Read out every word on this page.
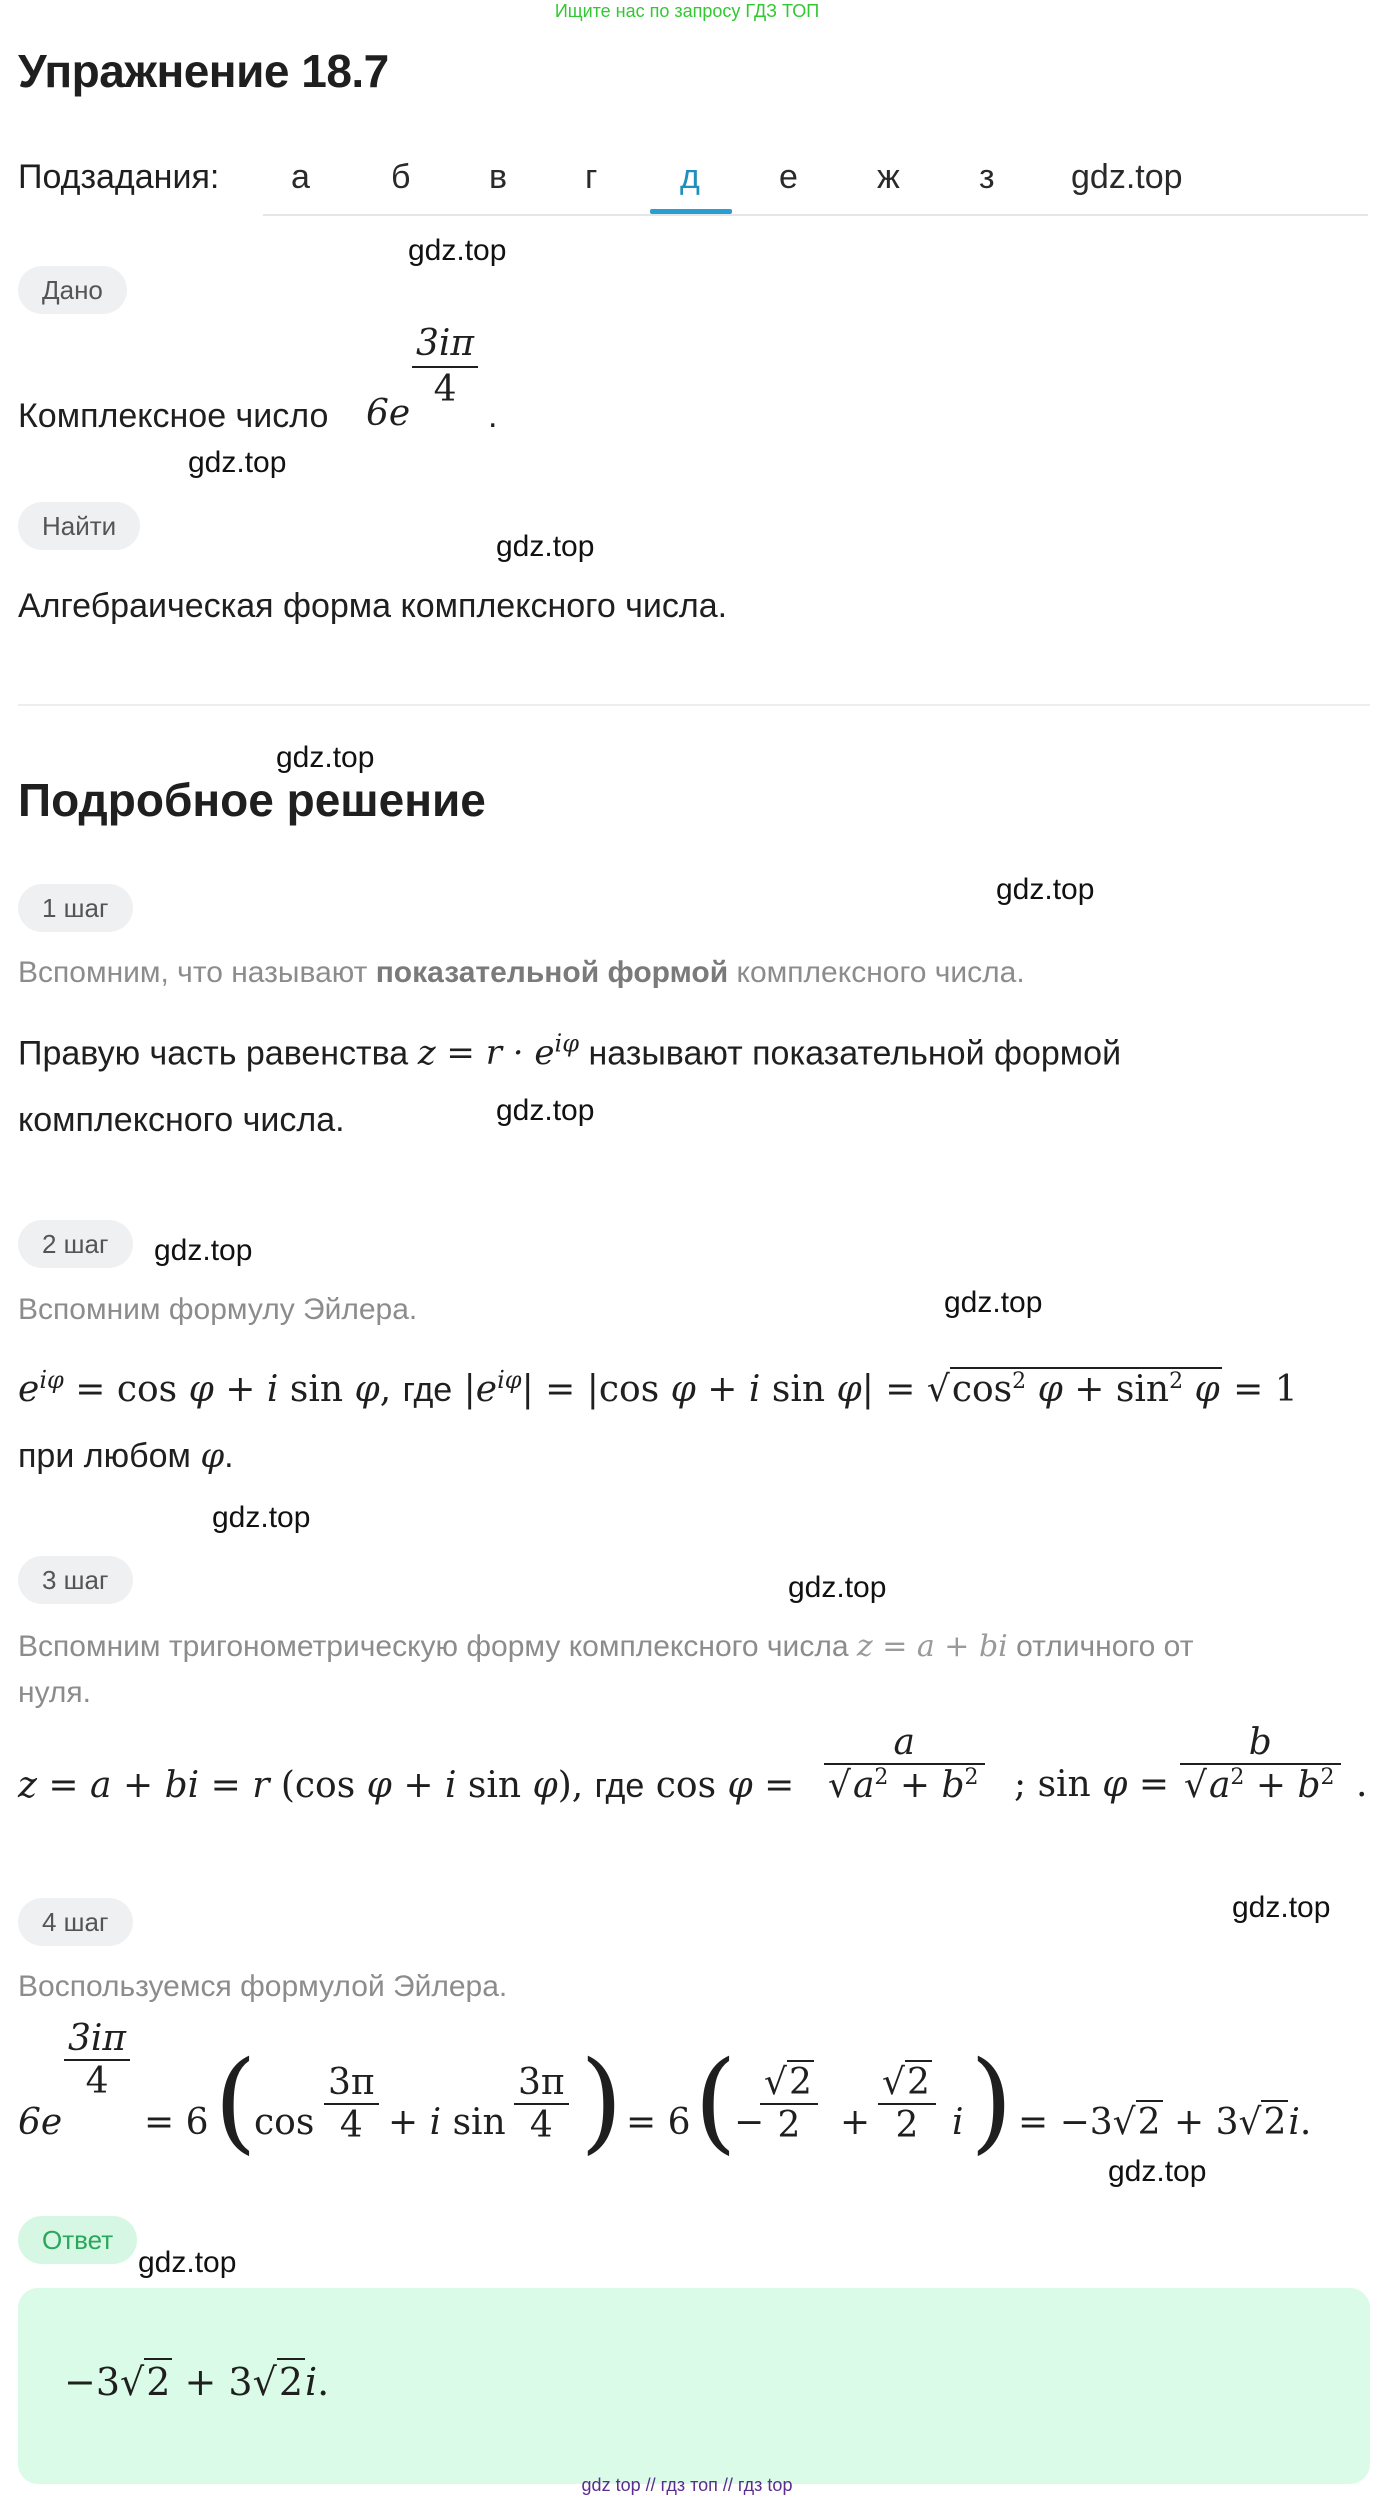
Ищите нас по запросу ГДЗ ТОП
Упражнение 18.7
Подзадания: а б в г д е ж з gdz.top
gdz.top
gdz.top
gdz.top
gdz.top
gdz.top
gdz.top
gdz.top
gdz.top
gdz.top
gdz.top
gdz.top
gdz.top
gdz.top
Дано
Комплексное число 6e
$\frac{3i\pi}{4}$
.
Найти
Алгебраическая форма комплексного числа.
Подробное решение
1 шаг
Вспомним, что называют показательной формой комплексного числа.
Правую часть равенства $z = r \cdot e^{i\varphi}$ называют показательной формой
комплексного числа.
2 шаг
Вспомним формулу Эйлера.
$e^{i\varphi} = \cos \varphi + i$ sin φ, где $|e^{i\varphi}| = |\cos$ φ + i $\sin \varphi| = √\cos^2$ $\varphi + \sin^2 \varphi = 1$
при любом φ.
3 шаг
Вспомним тригонометрическую форму комплексного числа z = a + bi отличного от
нуля.
z = a + bi = r (cos φ + i sin φ), где $\cos \varphi = \frac{a}{√a^2 + b^2}$ ; $\sin \varphi = \frac{b}{√a^2 + b^2}$ .
4 шаг
Воспользуемся формулой Эйлера.
6e
$\frac{3i\pi}{4}$
= 6 (
$\cos \frac{3\pi}{4} + i$ $\sin \frac{3\pi}{4}$ ) = 6 (
−
$\frac{√2}{2} + \frac{√2}{2}$ i ) = −3√2 + 3√2i.
Ответ
−3√2 + 3√2i.
gdz top // гдз топ // гдз top
